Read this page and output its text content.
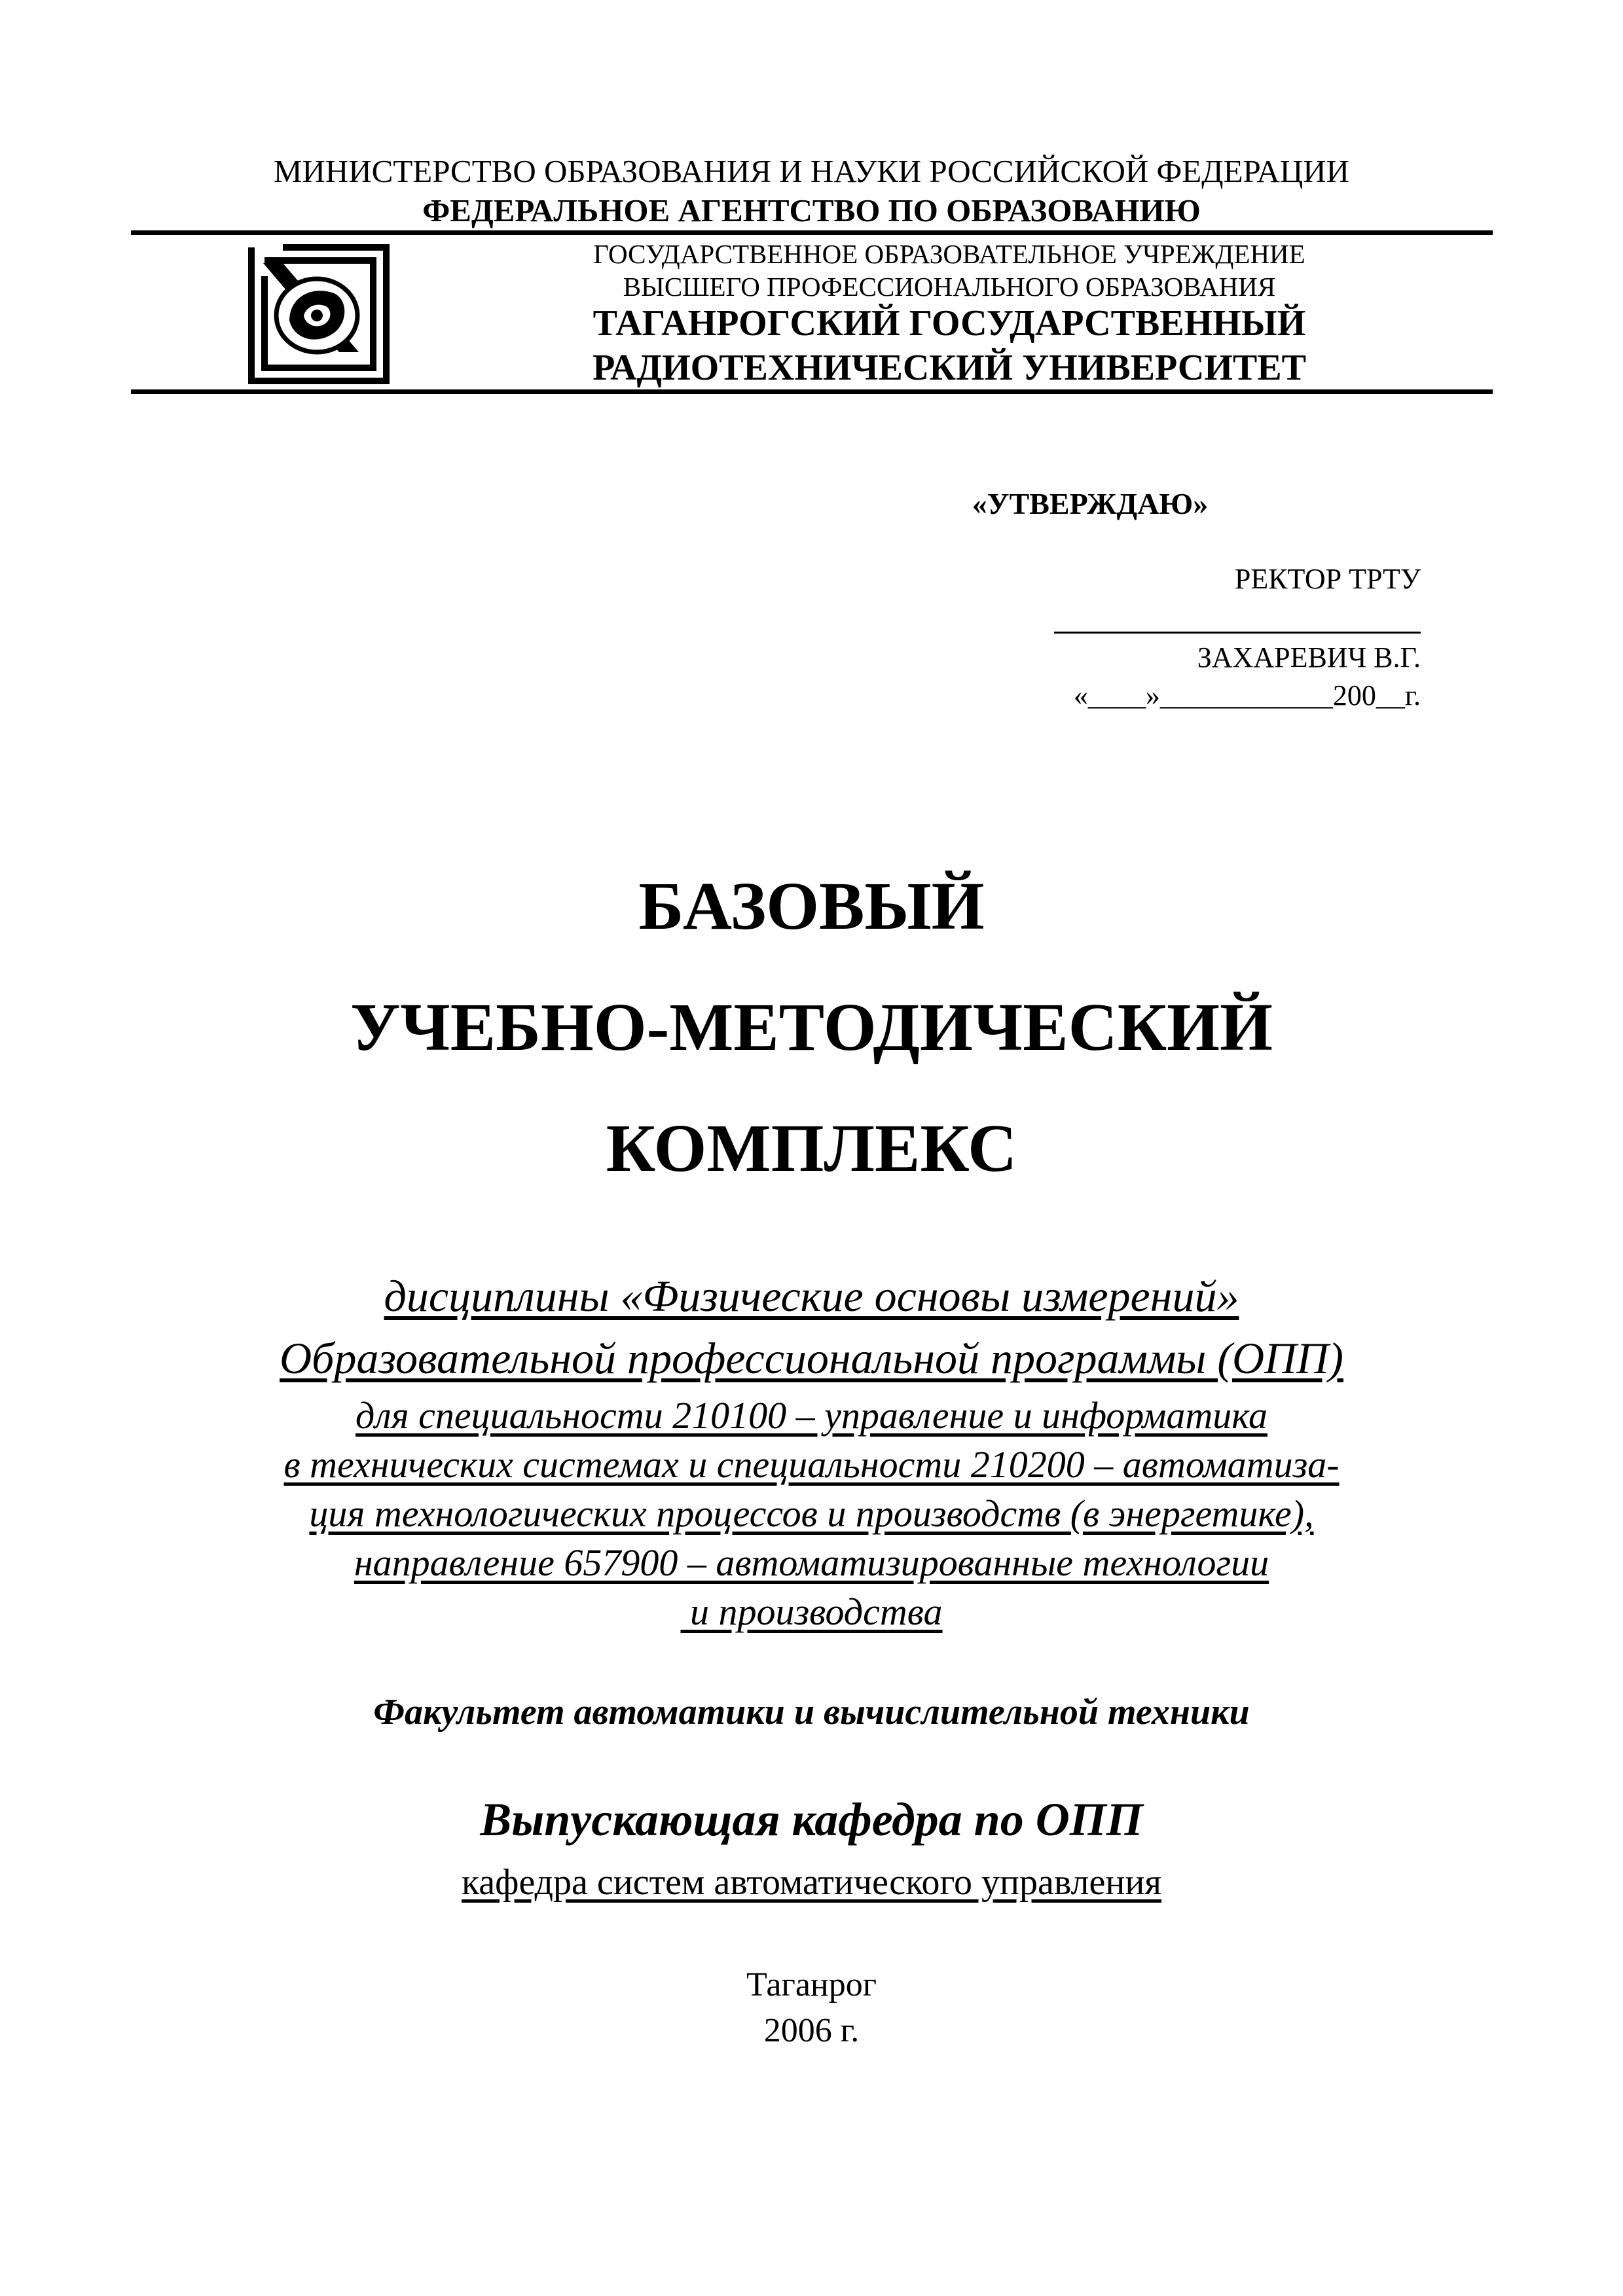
МИНИСТЕРСТВО ОБРАЗОВАНИЯ И НАУКИ РОССИЙСКОЙ ФЕДЕРАЦИИ
ФЕДЕРАЛЬНОЕ АГЕНТСТВО ПО ОБРАЗОВАНИЮ
ГОСУДАРСТВЕННОЕ ОБРАЗОВАТЕЛЬНОЕ УЧРЕЖДЕНИЕ
ВЫСШЕГО ПРОФЕССИОНАЛЬНОГО ОБРАЗОВАНИЯ
ТАГАНРОГСКИЙ ГОСУДАРСТВЕННЫЙ
РАДИОТЕХНИЧЕСКИЙ УНИВЕРСИТЕТ
«УТВЕРЖДАЮ»
РЕКТОР ТРТУ
ЗАХАРЕВИЧ В.Г.
«____»____________200__г.
БАЗОВЫЙ
УЧЕБНО-МЕТОДИЧЕСКИЙ
КОМПЛЕКС
дисциплины «Физические основы измерений»
Образовательной профессиональной программы (ОПП)
для специальности 210100 – управление и информатика
в технических системах и специальности 210200 – автоматиза-
ция технологических процессов и производств (в энергетике),
направление 657900 – автоматизированные технологии
и производства
Факультет автоматики и вычислительной техники
Выпускающая кафедра по ОПП
кафедра систем автоматического управления
Таганрог
2006 г.
